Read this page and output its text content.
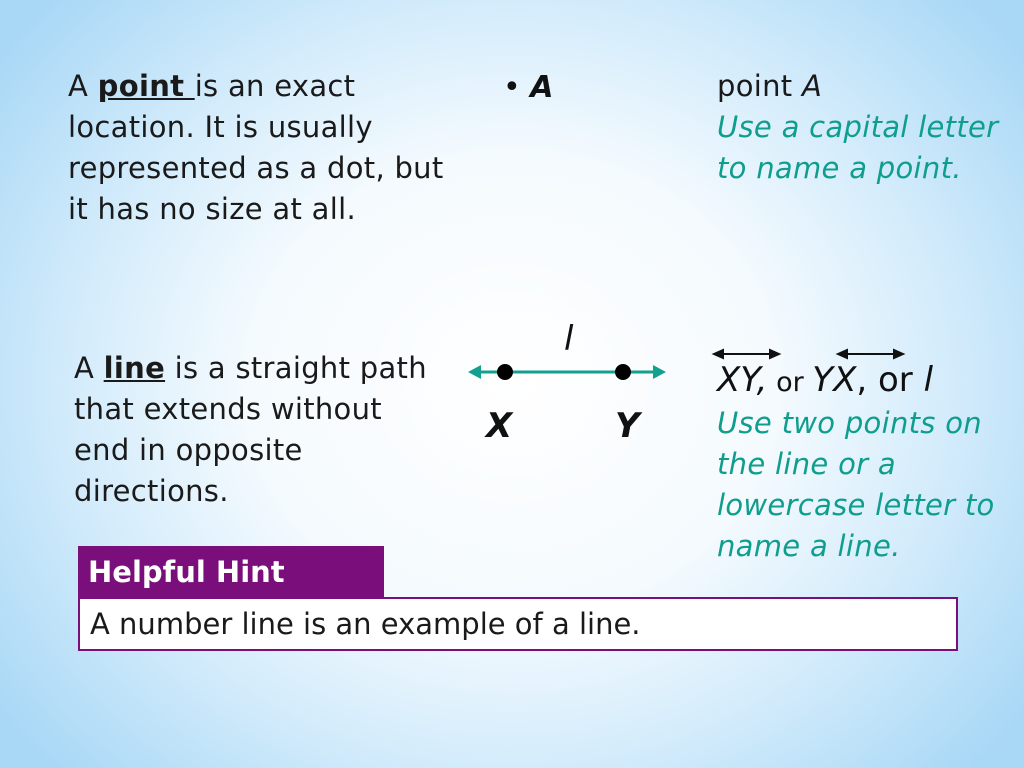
A point is an exact location. It is usually represented as a dot, but it has no size at all.
• A	point A
Use a capital letter to name a point.
A line is a straight path that extends without end in opposite directions.
l
X	Y
XY, or YX, or l
Use two points on the line or a lowercase letter to name a line.
Helpful Hint
A number line is an example of a line.
